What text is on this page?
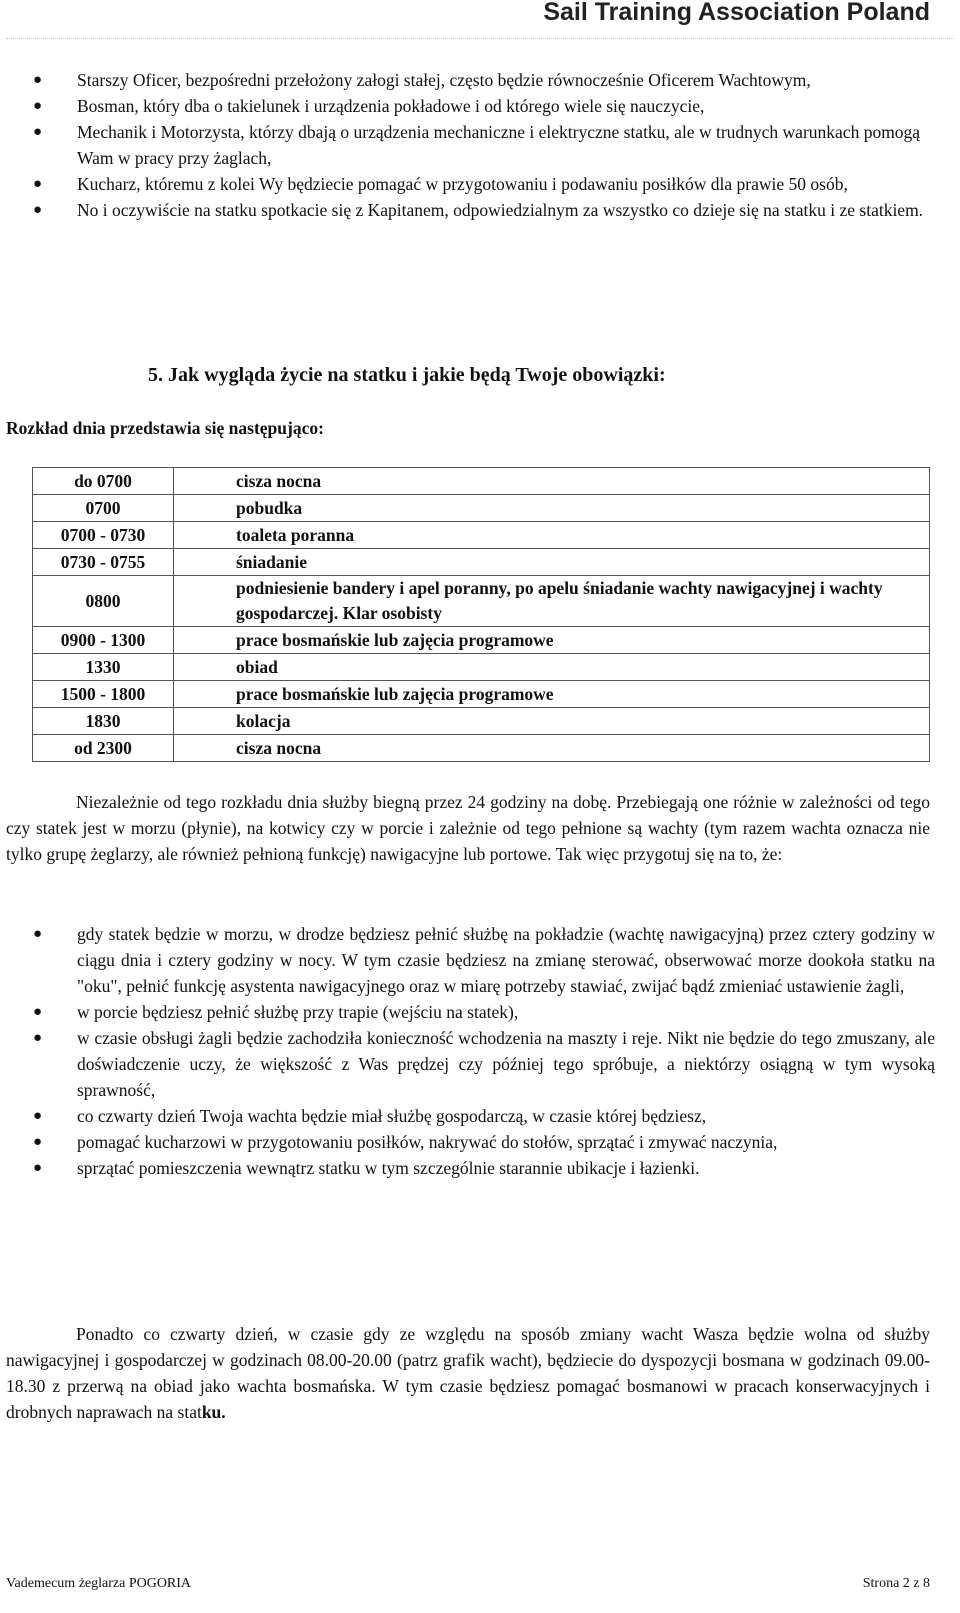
Sail Training Association Poland
● Starszy Oficer, bezpośredni przełożony załogi stałej, często będzie równocześnie Oficerem Wachtowym,
● Bosman, który dba o takielunek i urządzenia pokładowe i od którego wiele się nauczycie,
● Mechanik i Motorzysta, którzy dbają o urządzenia mechaniczne i elektryczne statku, ale w trudnych warunkach pomogą Wam w pracy przy żaglach,
● Kucharz, któremu z kolei Wy będziecie pomagać w przygotowaniu i podawaniu posiłków dla prawie 50 osób,
● No i oczywiście na statku spotkacie się z Kapitanem, odpowiedzialnym za wszystko co dzieje się na statku i ze statkiem.
5. Jak wygląda życie na statku i jakie będą Twoje obowiązki:
Rozkład dnia przedstawia się następująco:
do 0700	cisza nocna
0700	pobudka
0700 - 0730	toaleta poranna
0730 - 0755	śniadanie
0800	podniesienie bandery i apel poranny, po apelu śniadanie wachty nawigacyjnej i wachty gospodarczej. Klar osobisty
0900 - 1300	prace bosmańskie lub zajęcia programowe
1330	obiad
1500 - 1800	prace bosmańskie lub zajęcia programowe
1830	kolacja
od 2300	cisza nocna

Niezależnie od tego rozkładu dnia służby biegną przez 24 godziny na dobę. Przebiegają one różnie w zależności od tego czy statek jest w morzu (płynie), na kotwicy czy w porcie i zależnie od tego pełnione są wachty (tym razem wachta oznacza nie tylko grupę żeglarzy, ale również pełnioną funkcję) nawigacyjne lub portowe. Tak więc przygotuj się na to, że:

● gdy statek będzie w morzu, w drodze będziesz pełnić służbę na pokładzie (wachtę nawigacyjną) przez cztery godziny w ciągu dnia i cztery godziny w nocy. W tym czasie będziesz na zmianę sterować, obserwować morze dookoła statku na "oku", pełnić funkcję asystenta nawigacyjnego oraz w miarę potrzeby stawiać, zwijać bądź zmieniać ustawienie żagli,
● w porcie będziesz pełnić służbę przy trapie (wejściu na statek),
● w czasie obsługi żagli będzie zachodziła konieczność wchodzenia na maszty i reje. Nikt nie będzie do tego zmuszany, ale doświadczenie uczy, że większość z Was prędzej czy później tego spróbuje, a niektórzy osiągną w tym wysoką sprawność,
● co czwarty dzień Twoja wachta będzie miał służbę gospodarczą, w czasie której będziesz,
● pomagać kucharzowi w przygotowaniu posiłków, nakrywać do stołów, sprzątać i zmywać naczynia,
● sprzątać pomieszczenia wewnątrz statku w tym szczególnie starannie ubikacje i łazienki.

Ponadto co czwarty dzień, w czasie gdy ze względu na sposób zmiany wacht Wasza będzie wolna od służby nawigacyjnej i gospodarczej w godzinach 08.00-20.00 (patrz grafik wacht), będziecie do dyspozycji bosmana w godzinach 09.00-18.30 z przerwą na obiad jako wachta bosmańska. W tym czasie będziesz pomagać bosmanowi w pracach konserwacyjnych i drobnych naprawach na statku.

Vademecum żeglarza POGORIA	Strona 2 z 8
